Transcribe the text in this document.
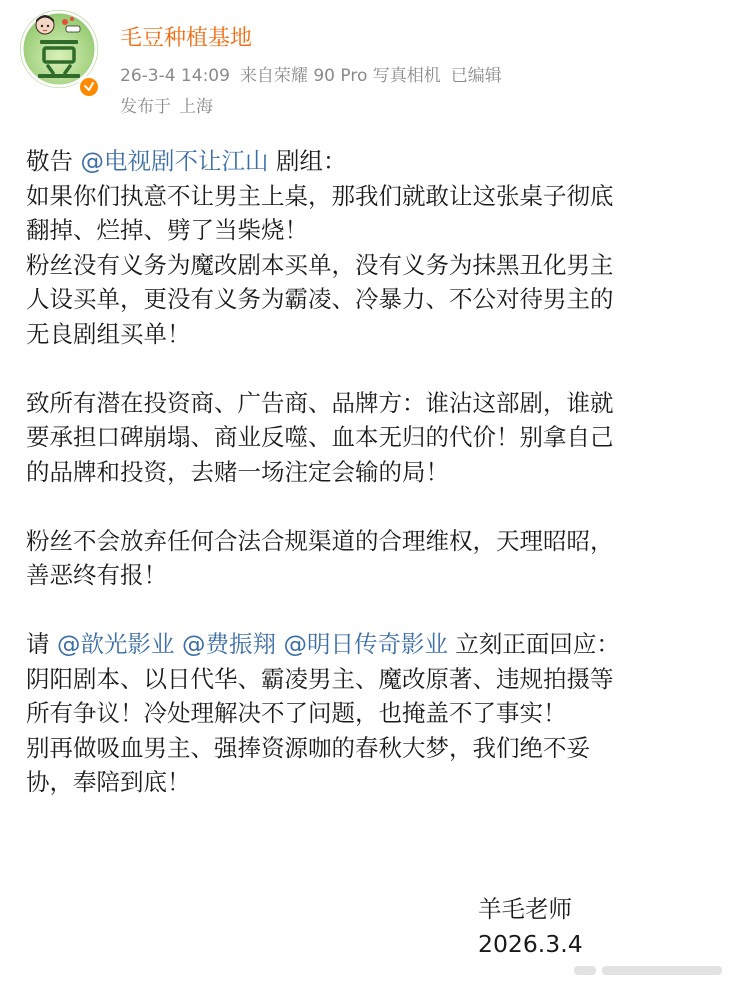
毛豆种植基地
26-3-4 14:09 来自荣耀 90 Pro 写真相机 已编辑
发布于 上海
敬告 @电视剧不让江山 剧组：
如果你们执意不让男主上桌，那我们就敢让这张桌子彻底
翻掉、烂掉、劈了当柴烧！
粉丝没有义务为魔改剧本买单，没有义务为抹黑丑化男主
人设买单，更没有义务为霸凌、冷暴力、不公对待男主的
无良剧组买单！
致所有潜在投资商、广告商、品牌方：谁沾这部剧，谁就
要承担口碑崩塌、商业反噬、血本无归的代价！别拿自己
的品牌和投资，去赌一场注定会输的局！
粉丝不会放弃任何合法合规渠道的合理维权，天理昭昭，
善恶终有报！
请 @歆光影业 @费振翔 @明日传奇影业 立刻正面回应：
阴阳剧本、以日代华、霸凌男主、魔改原著、违规拍摄等
所有争议！冷处理解决不了问题，也掩盖不了事实！
别再做吸血男主、强捧资源咖的春秋大梦，我们绝不妥
协，奉陪到底！
羊毛老师
2026.3.4
